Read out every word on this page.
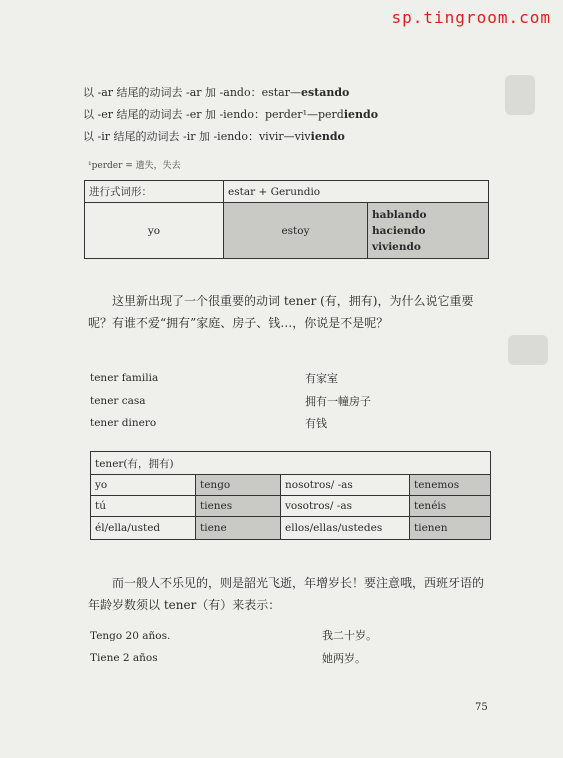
sp.tingroom.com
以 -ar 结尾的动词去 -ar 加 -ando：estar—estando
以 -er 结尾的动词去 -er 加 -iendo：perder¹—perdiendo
以 -ir 结尾的动词去 -ir 加 -iendo：vivir—viviendo
¹perder = 遗失，失去
进行式词形：	estar + Gerundio	
yo	estoy	hablando
haciendo
viviendo
这里新出现了一个很重要的动词 tener (有，拥有)，为什么说它重要呢？有谁不爱“拥有”家庭、房子、钱…，你说是不是呢？
tener familia	有家室
tener casa	拥有一幢房子
tener dinero	有钱
tener(有，拥有)			
yo	tengo	nosotros/ -as	tenemos
tú	tienes	vosotros/ -as	tenéis
él/ella/usted	tiene	ellos/ellas/ustedes	tienen
而一般人不乐见的，则是韶光飞逝，年增岁长！要注意哦，西班牙语的年龄岁数须以 tener（有）来表示：
Tengo 20 años.	我二十岁。
Tiene 2 años	她两岁。
75
